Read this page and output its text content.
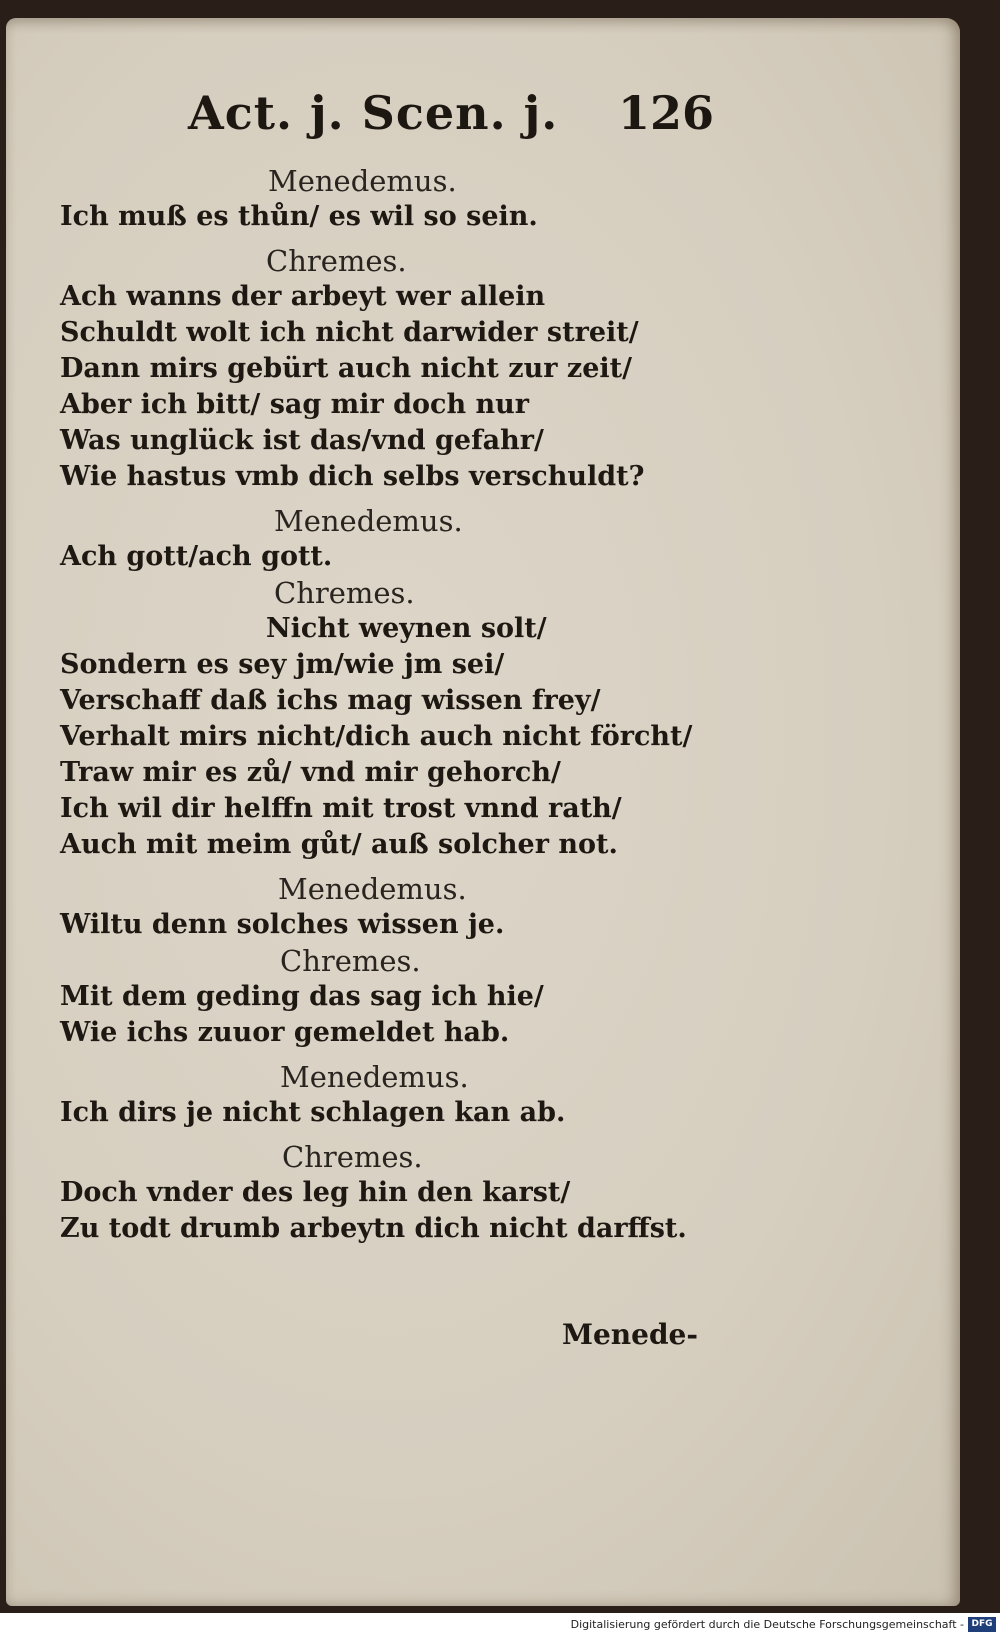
Act. j. Scen. j. 126
Menedemus.
Ich muß es thůn/ es wil so sein.
Chremes.
Ach wanns der arbeyt wer allein
Schuldt wolt ich nicht darwider streit/
Dann mirs gebürt auch nicht zur zeit/
Aber ich bitt/ sag mir doch nur
Was unglück ist das/vnd gefahr/
Wie hastus vmb dich selbs verschuldt?
Menedemus.
Ach gott/ach gott.
Chremes.
Nicht weynen solt/
Sondern es sey jm/wie jm sei/
Verschaff daß ichs mag wissen frey/
Verhalt mirs nicht/dich auch nicht förcht/
Traw mir es zů/ vnd mir gehorch/
Ich wil dir helffn mit trost vnnd rath/
Auch mit meim gůt/ auß solcher not.
Menedemus.
Wiltu denn solches wissen je.
Chremes.
Mit dem geding das sag ich hie/
Wie ichs zuuor gemeldet hab.
Menedemus.
Ich dirs je nicht schlagen kan ab.
Chremes.
Doch vnder des leg hin den karst/
Zu todt drumb arbeytn dich nicht darffst.
Menede-
Digitalisierung gefördert durch die Deutsche Forschungsgemeinschaft - DFG
